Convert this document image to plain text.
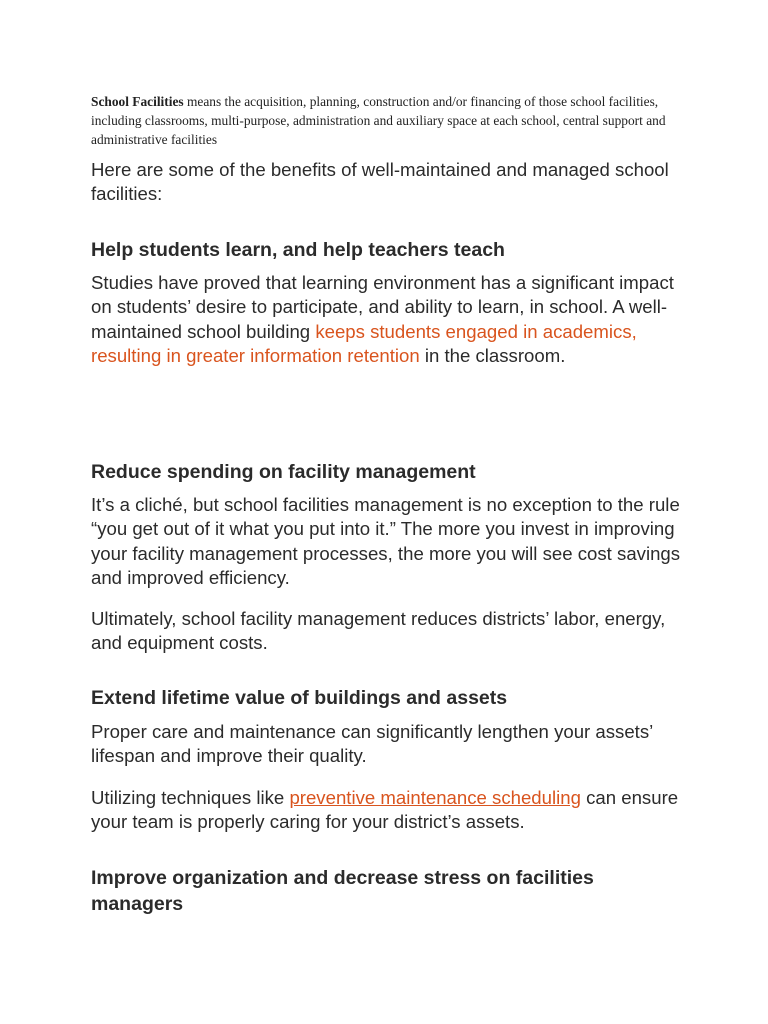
School Facilities means the acquisition, planning, construction and/or financing of those school facilities, including classrooms, multi-purpose, administration and auxiliary space at each school, central support and administrative facilities

Here are some of the benefits of well-maintained and managed school facilities:

Help students learn, and help teachers teach

Studies have proved that learning environment has a significant impact on students’ desire to participate, and ability to learn, in school. A well-maintained school building keeps students engaged in academics, resulting in greater information retention in the classroom.

Reduce spending on facility management

It’s a cliché, but school facilities management is no exception to the rule “you get out of it what you put into it.” The more you invest in improving your facility management processes, the more you will see cost savings and improved efficiency.

Ultimately, school facility management reduces districts’ labor, energy, and equipment costs.

Extend lifetime value of buildings and assets

Proper care and maintenance can significantly lengthen your assets’ lifespan and improve their quality.

Utilizing techniques like preventive maintenance scheduling can ensure your team is properly caring for your district’s assets.

Improve organization and decrease stress on facilities managers
